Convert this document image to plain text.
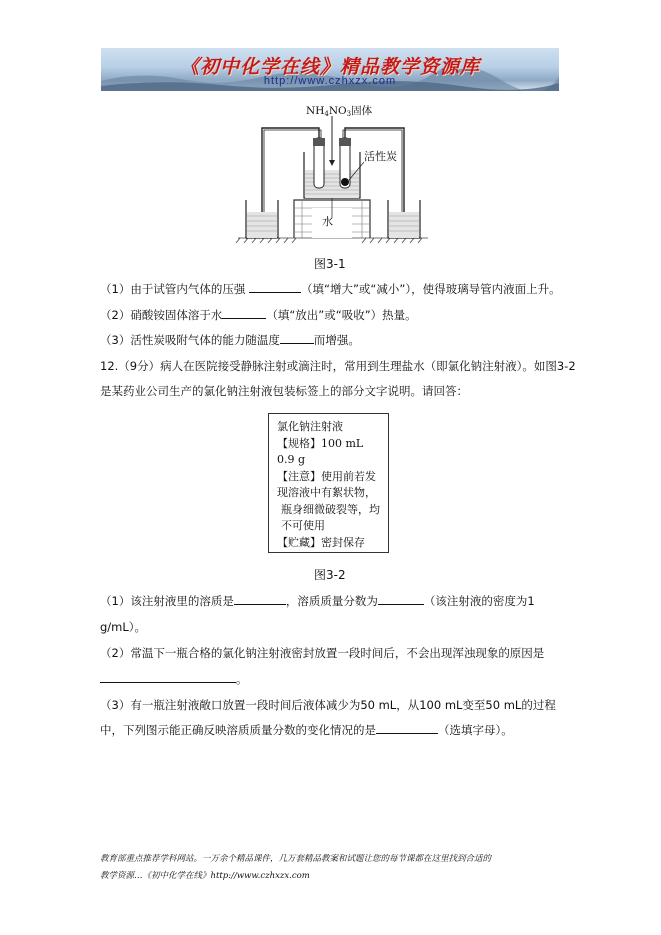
《初中化学在线》精品教学资源库
http://www.czhxzx.com
NH4NO3固体
活性炭
水
图3-1
（1）由于试管内气体的压强	（填“增大”或“减小”），使得玻璃导管内液面上升。
（2）硝酸铵固体溶于水	（填“放出”或“吸收”）热量。
（3）活性炭吸附气体的能力随温度	而增强。
12.（9分）病人在医院接受静脉注射或滴注时，常用到生理盐水（即氯化钠注射液）。如图3-2
是某药业公司生产的氯化钠注射液包装标签上的部分文字说明。请回答：
氯化钠注射液
【规格】100 mL
0.9 g
【注意】使用前若发
现溶液中有絮状物，
瓶身细微破裂等，均
不可使用
【贮藏】密封保存
图3-2
（1）该注射液里的溶质是	，溶质质量分数为	（该注射液的密度为1
g/mL）。
（2）常温下一瓶合格的氯化钠注射液密封放置一段时间后，不会出现浑浊现象的原因是
。
（3）有一瓶注射液敞口放置一段时间后液体减少为50 mL，从100 mL变至50 mL的过程
中，下列图示能正确反映溶质质量分数的变化情况的是	（选填字母）。
教育部重点推荐学科网站。一万余个精品课件，几万套精品教案和试题让您的每节课都在这里找到合适的
教学资源…《初中化学在线》http://www.czhxzx.com
